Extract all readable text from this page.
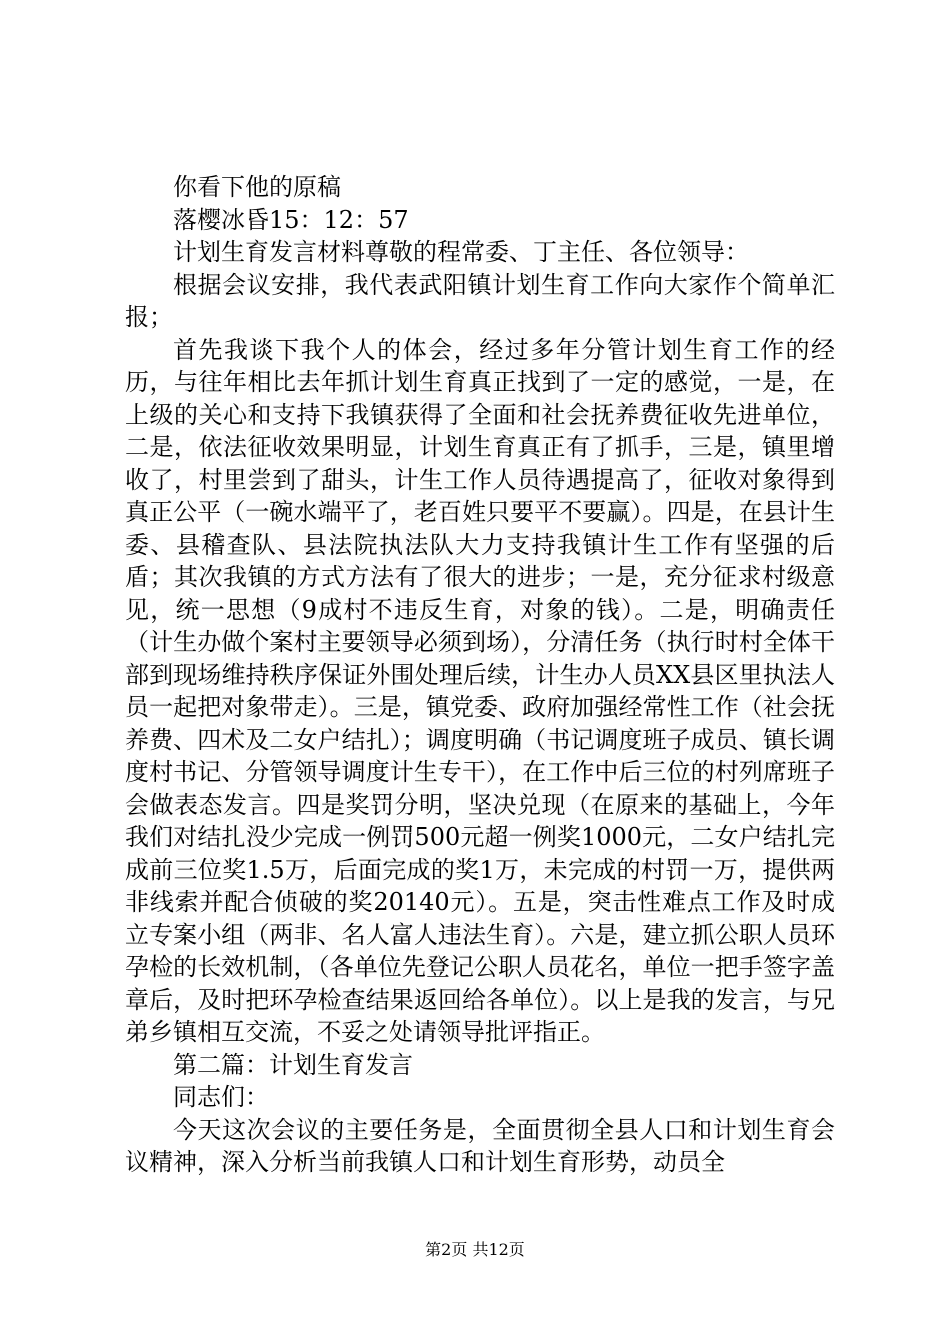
你看下他的原稿

落樱冰昏15：12：57

计划生育发言材料尊敬的程常委、丁主任、各位领导：

根据会议安排，我代表武阳镇计划生育工作向大家作个简单汇报；

首先我谈下我个人的体会，经过多年分管计划生育工作的经历，与往年相比去年抓计划生育真正找到了一定的感觉，一是，在上级的关心和支持下我镇获得了全面和社会抚养费征收先进单位，二是，依法征收效果明显，计划生育真正有了抓手，三是，镇里增收了，村里尝到了甜头，计生工作人员待遇提高了，征收对象得到真正公平（一碗水端平了，老百姓只要平不要赢）。四是，在县计生委、县稽查队、县法院执法队大力支持我镇计生工作有坚强的后盾；其次我镇的方式方法有了很大的进步；一是，充分征求村级意见，统一思想（9成村不违反生育，对象的钱）。二是，明确责任（计生办做个案村主要领导必须到场），分清任务（执行时村全体干部到现场维持秩序保证外围处理后续，计生办人员XX县区里执法人员一起把对象带走）。三是，镇党委、政府加强经常性工作（社会抚养费、四术及二女户结扎）；调度明确（书记调度班子成员、镇长调度村书记、分管领导调度计生专干），在工作中后三位的村列席班子会做表态发言。四是奖罚分明，坚决兑现（在原来的基础上，今年我们对结扎没少完成一例罚500元超一例奖1000元，二女户结扎完成前三位奖1.5万，后面完成的奖1万，未完成的村罚一万，提供两非线索并配合侦破的奖20140元）。五是，突击性难点工作及时成立专案小组（两非、名人富人违法生育）。六是，建立抓公职人员环孕检的长效机制，（各单位先登记公职人员花名，单位一把手签字盖章后，及时把环孕检查结果返回给各单位）。以上是我的发言，与兄弟乡镇相互交流，不妥之处请领导批评指正。

第二篇：计划生育发言

同志们：

今天这次会议的主要任务是，全面贯彻全县人口和计划生育会议精神，深入分析当前我镇人口和计划生育形势，动员全

第2页 共12页
